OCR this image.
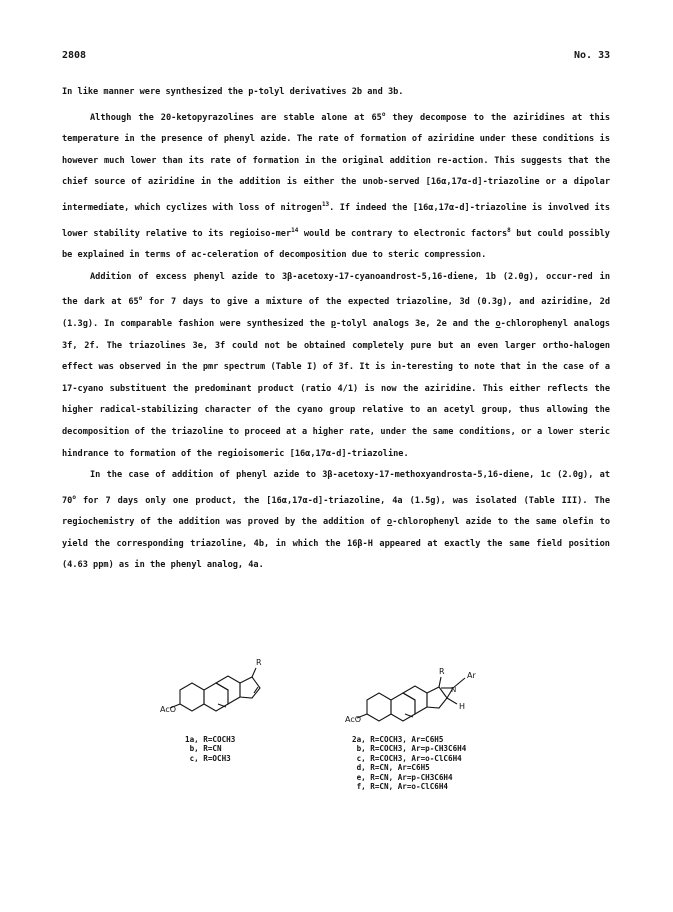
2808	No. 33
In like manner were synthesized the p-tolyl derivatives 2b and 3b.
Although the 20-ketopyrazolines are stable alone at 65$^o$ they decompose to the aziridines at this temperature in the presence of phenyl azide. The rate of formation of aziridine under these conditions is however much lower than its rate of formation in the original addition re-action. This suggests that the chief source of aziridine in the addition is either the unob-served [16α,17α-d]-triazoline or a dipolar intermediate, which cyclizes with loss of nitrogen$^{13}$. If indeed the [16α,17α-d]-triazoline is involved its lower stability relative to its regioiso-mer$^{14}$ would be contrary to electronic factors$^8$ but could possibly be explained in terms of ac-celeration of decomposition due to steric compression.
Addition of excess phenyl azide to 3β-acetoxy-17-cyanoandrost-5,16-diene, 1b (2.0g), occur-red in the dark at 65$^o$ for 7 days to give a mixture of the expected triazoline, 3d (0.3g), and aziridine, 2d (1.3g). In comparable fashion were synthesized the p-tolyl analogs 3e, 2e and the o-chlorophenyl analogs 3f, 2f. The triazolines 3e, 3f could not be obtained completely pure but an even larger ortho-halogen effect was observed in the pmr spectrum (Table I) of 3f. It is in-teresting to note that in the case of a 17-cyano substituent the predominant product (ratio 4/1) is now the aziridine. This either reflects the higher radical-stabilizing character of the cyano group relative to an acetyl group, thus allowing the decomposition of the triazoline to proceed at a higher rate, under the same conditions, or a lower steric hindrance to formation of the regioisomeric [16α,17α-d]-triazoline.
In the case of addition of phenyl azide to 3β-acetoxy-17-methoxyandrosta-5,16-diene, 1c (2.0g), at 70$^o$ for 7 days only one product, the [16α,17α-d]-triazoline, 4a (1.5g), was isolated (Table III). The regiochemistry of the addition was proved by the addition of o-chlorophenyl azide to the same olefin to yield the corresponding triazoline, 4b, in which the 16β-H appeared at exactly the same field position (4.63 ppm) as in the phenyl analog, 4a.
AcO
R
1a, R=COCH3
b, R=CN
c, R=OCH3
AcO
R
N
Ar
H
2a, R=COCH3, Ar=C6H5
b, R=COCH3, Ar=p-CH3C6H4
c, R=COCH3, Ar=o-ClC6H4
d, R=CN, Ar=C6H5
e, R=CN, Ar=p-CH3C6H4
f, R=CN, Ar=o-ClC6H4
